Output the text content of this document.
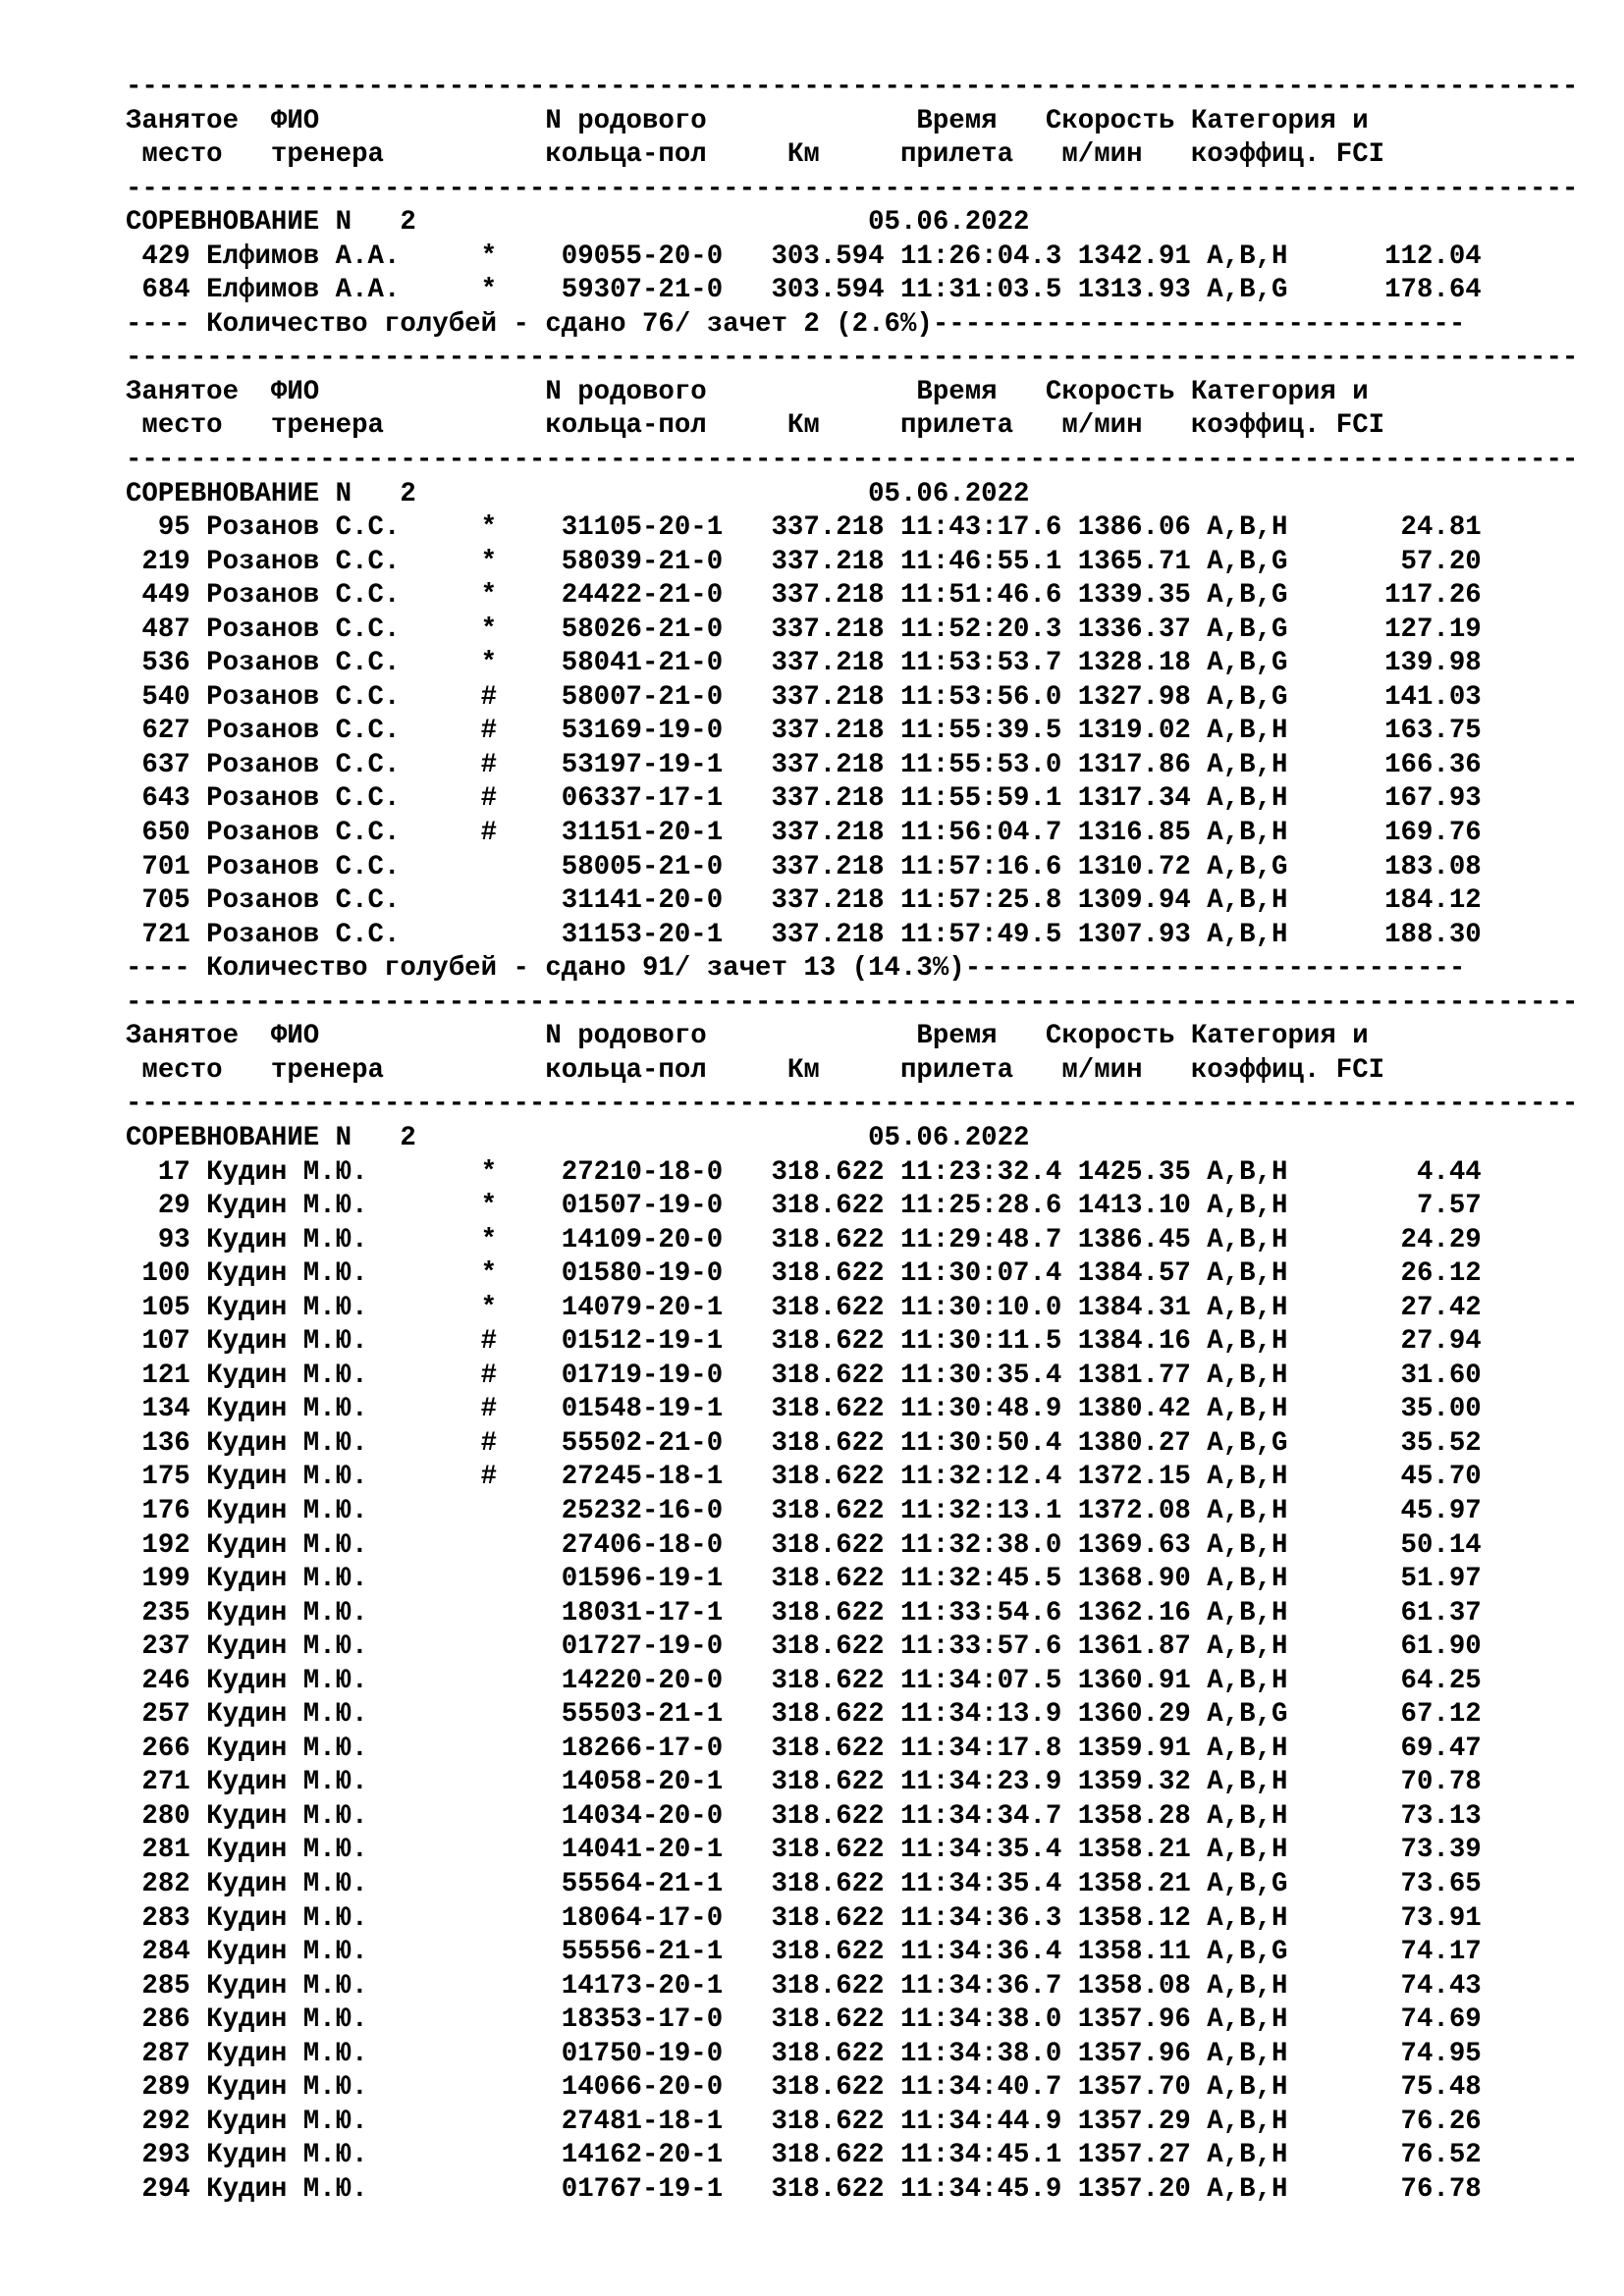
------------------------------------------------------------------------------------------
Занятое  ФИО              N родового             Время   Скорость Категория и
место   тренера          кольца-пол     Км     прилета   м/мин   коэффиц. FCI
------------------------------------------------------------------------------------------
СОРЕВНОВАНИЕ N   2                            05.06.2022
429 Елфимов А.А.     *    09055-20-0   303.594 11:26:04.3 1342.91 A,B,H      112.04
684 Елфимов А.А.     *    59307-21-0   303.594 11:31:03.5 1313.93 A,B,G      178.64
---- Количество голубей - сдано 76/ зачет 2 (2.6%)---------------------------------
------------------------------------------------------------------------------------------
Занятое  ФИО              N родового             Время   Скорость Категория и
место   тренера          кольца-пол     Км     прилета   м/мин   коэффиц. FCI
------------------------------------------------------------------------------------------
СОРЕВНОВАНИЕ N   2                            05.06.2022
95 Розанов С.С.     *    31105-20-1   337.218 11:43:17.6 1386.06 A,B,H       24.81
219 Розанов С.С.     *    58039-21-0   337.218 11:46:55.1 1365.71 A,B,G       57.20
449 Розанов С.С.     *    24422-21-0   337.218 11:51:46.6 1339.35 A,B,G      117.26
487 Розанов С.С.     *    58026-21-0   337.218 11:52:20.3 1336.37 A,B,G      127.19
536 Розанов С.С.     *    58041-21-0   337.218 11:53:53.7 1328.18 A,B,G      139.98
540 Розанов С.С.     #    58007-21-0   337.218 11:53:56.0 1327.98 A,B,G      141.03
627 Розанов С.С.     #    53169-19-0   337.218 11:55:39.5 1319.02 A,B,H      163.75
637 Розанов С.С.     #    53197-19-1   337.218 11:55:53.0 1317.86 A,B,H      166.36
643 Розанов С.С.     #    06337-17-1   337.218 11:55:59.1 1317.34 A,B,H      167.93
650 Розанов С.С.     #    31151-20-1   337.218 11:56:04.7 1316.85 A,B,H      169.76
701 Розанов С.С.          58005-21-0   337.218 11:57:16.6 1310.72 A,B,G      183.08
705 Розанов С.С.          31141-20-0   337.218 11:57:25.8 1309.94 A,B,H      184.12
721 Розанов С.С.          31153-20-1   337.218 11:57:49.5 1307.93 A,B,H      188.30
---- Количество голубей - сдано 91/ зачет 13 (14.3%)-------------------------------
------------------------------------------------------------------------------------------
Занятое  ФИО              N родового             Время   Скорость Категория и
место   тренера          кольца-пол     Км     прилета   м/мин   коэффиц. FCI
------------------------------------------------------------------------------------------
СОРЕВНОВАНИЕ N   2                            05.06.2022
17 Кудин М.Ю.       *    27210-18-0   318.622 11:23:32.4 1425.35 A,B,H        4.44
29 Кудин М.Ю.       *    01507-19-0   318.622 11:25:28.6 1413.10 A,B,H        7.57
93 Кудин М.Ю.       *    14109-20-0   318.622 11:29:48.7 1386.45 A,B,H       24.29
100 Кудин М.Ю.       *    01580-19-0   318.622 11:30:07.4 1384.57 A,B,H       26.12
105 Кудин М.Ю.       *    14079-20-1   318.622 11:30:10.0 1384.31 A,B,H       27.42
107 Кудин М.Ю.       #    01512-19-1   318.622 11:30:11.5 1384.16 A,B,H       27.94
121 Кудин М.Ю.       #    01719-19-0   318.622 11:30:35.4 1381.77 A,B,H       31.60
134 Кудин М.Ю.       #    01548-19-1   318.622 11:30:48.9 1380.42 A,B,H       35.00
136 Кудин М.Ю.       #    55502-21-0   318.622 11:30:50.4 1380.27 A,B,G       35.52
175 Кудин М.Ю.       #    27245-18-1   318.622 11:32:12.4 1372.15 A,B,H       45.70
176 Кудин М.Ю.            25232-16-0   318.622 11:32:13.1 1372.08 A,B,H       45.97
192 Кудин М.Ю.            27406-18-0   318.622 11:32:38.0 1369.63 A,B,H       50.14
199 Кудин М.Ю.            01596-19-1   318.622 11:32:45.5 1368.90 A,B,H       51.97
235 Кудин М.Ю.            18031-17-1   318.622 11:33:54.6 1362.16 A,B,H       61.37
237 Кудин М.Ю.            01727-19-0   318.622 11:33:57.6 1361.87 A,B,H       61.90
246 Кудин М.Ю.            14220-20-0   318.622 11:34:07.5 1360.91 A,B,H       64.25
257 Кудин М.Ю.            55503-21-1   318.622 11:34:13.9 1360.29 A,B,G       67.12
266 Кудин М.Ю.            18266-17-0   318.622 11:34:17.8 1359.91 A,B,H       69.47
271 Кудин М.Ю.            14058-20-1   318.622 11:34:23.9 1359.32 A,B,H       70.78
280 Кудин М.Ю.            14034-20-0   318.622 11:34:34.7 1358.28 A,B,H       73.13
281 Кудин М.Ю.            14041-20-1   318.622 11:34:35.4 1358.21 A,B,H       73.39
282 Кудин М.Ю.            55564-21-1   318.622 11:34:35.4 1358.21 A,B,G       73.65
283 Кудин М.Ю.            18064-17-0   318.622 11:34:36.3 1358.12 A,B,H       73.91
284 Кудин М.Ю.            55556-21-1   318.622 11:34:36.4 1358.11 A,B,G       74.17
285 Кудин М.Ю.            14173-20-1   318.622 11:34:36.7 1358.08 A,B,H       74.43
286 Кудин М.Ю.            18353-17-0   318.622 11:34:38.0 1357.96 A,B,H       74.69
287 Кудин М.Ю.            01750-19-0   318.622 11:34:38.0 1357.96 A,B,H       74.95
289 Кудин М.Ю.            14066-20-0   318.622 11:34:40.7 1357.70 A,B,H       75.48
292 Кудин М.Ю.            27481-18-1   318.622 11:34:44.9 1357.29 A,B,H       76.26
293 Кудин М.Ю.            14162-20-1   318.622 11:34:45.1 1357.27 A,B,H       76.52
294 Кудин М.Ю.            01767-19-1   318.622 11:34:45.9 1357.20 A,B,H       76.78
